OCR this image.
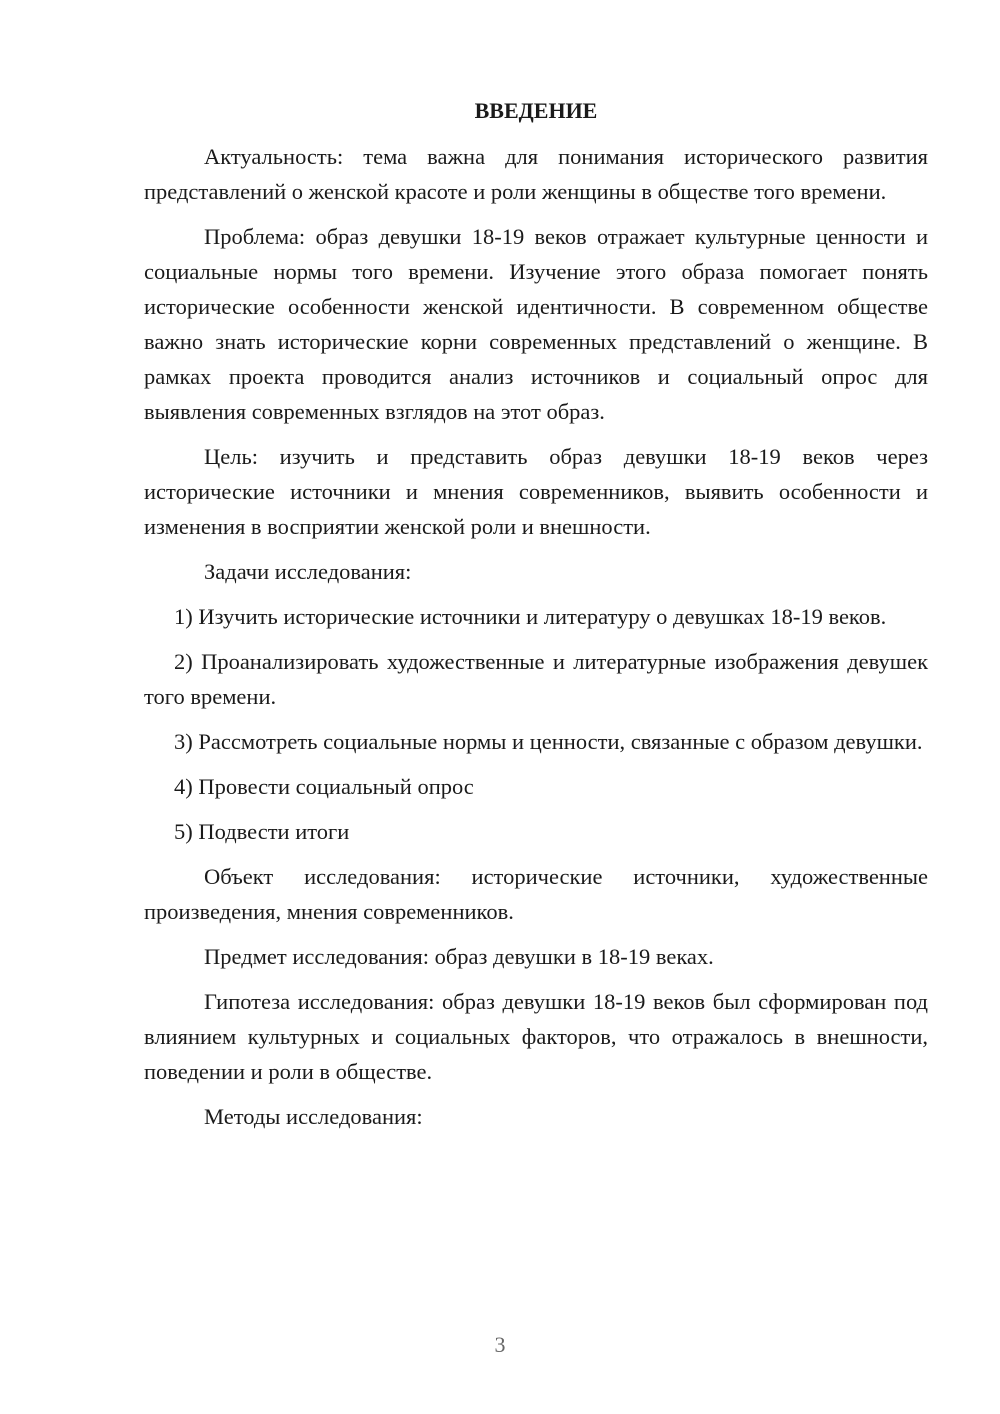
ВВЕДЕНИЕ

Актуальность: тема важна для понимания исторического развития представлений о женской красоте и роли женщины в обществе того времени.

Проблема: образ девушки 18-19 веков отражает культурные ценности и социальные нормы того времени. Изучение этого образа помогает понять исторические особенности женской идентичности. В современном обществе важно знать исторические корни современных представлений о женщине. В рамках проекта проводится анализ источников и социальный опрос для выявления современных взглядов на этот образ.

Цель: изучить и представить образ девушки 18-19 веков через исторические источники и мнения современников, выявить особенности и изменения в восприятии женской роли и внешности.

Задачи исследования:

1) Изучить исторические источники и литературу о девушках 18-19 веков.

2) Проанализировать художественные и литературные изображения девушек того времени.

3) Рассмотреть социальные нормы и ценности, связанные с образом девушки.

4) Провести социальный опрос

5) Подвести итоги

Объект исследования: исторические источники, художественные произведения, мнения современников.

Предмет исследования: образ девушки в 18-19 веках.

Гипотеза исследования: образ девушки 18-19 веков был сформирован под влиянием культурных и социальных факторов, что отражалось в внешности, поведении и роли в обществе.

Методы исследования:

3
